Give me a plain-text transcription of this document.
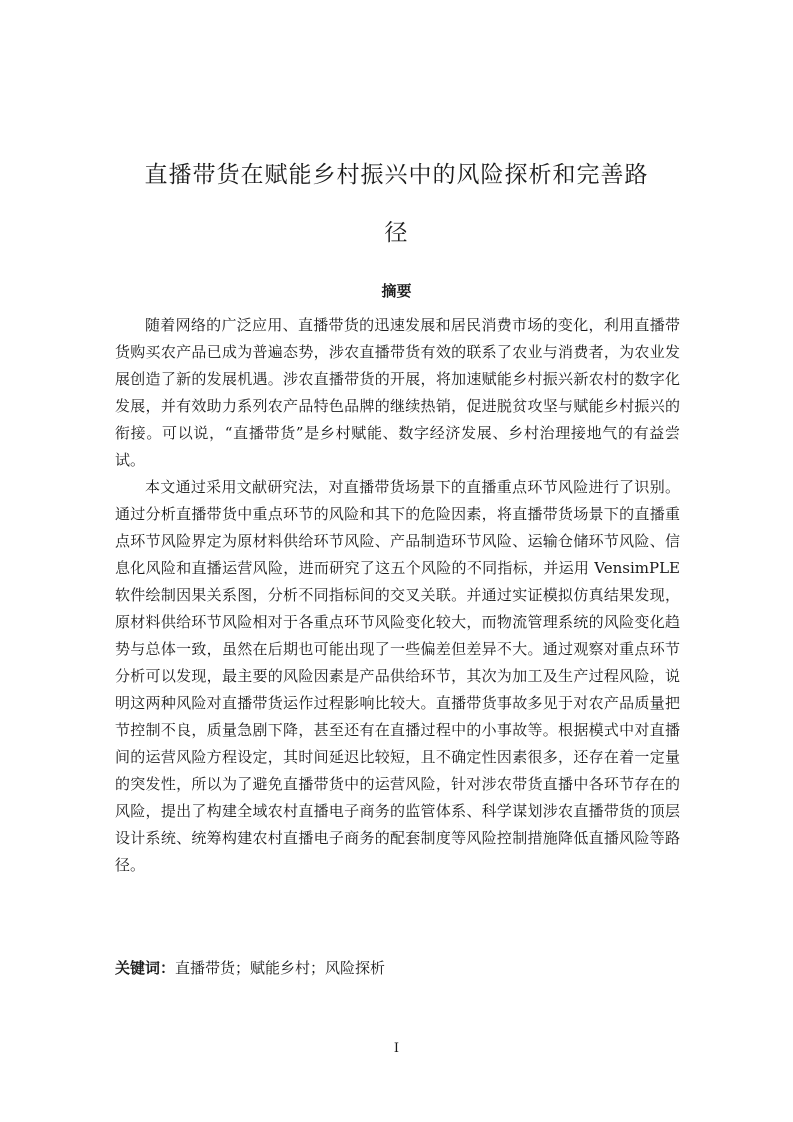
直播带货在赋能乡村振兴中的风险探析和完善路
径
摘要

随着网络的广泛应用、直播带货的迅速发展和居民消费市场的变化，利用直播带货购买农产品已成为普遍态势，涉农直播带货有效的联系了农业与消费者，为农业发展创造了新的发展机遇。涉农直播带货的开展，将加速赋能乡村振兴新农村的数字化发展，并有效助力系列农产品特色品牌的继续热销，促进脱贫攻坚与赋能乡村振兴的衔接。可以说，“直播带货”是乡村赋能、数字经济发展、乡村治理接地气的有益尝试。

本文通过采用文献研究法，对直播带货场景下的直播重点环节风险进行了识别。通过分析直播带货中重点环节的风险和其下的危险因素，将直播带货场景下的直播重点环节风险界定为原材料供给环节风险、产品制造环节风险、运输仓储环节风险、信息化风险和直播运营风险，进而研究了这五个风险的不同指标，并运用 VensimPLE 软件绘制因果关系图，分析不同指标间的交叉关联。并通过实证模拟仿真结果发现，原材料供给环节风险相对于各重点环节风险变化较大，而物流管理系统的风险变化趋势与总体一致，虽然在后期也可能出现了一些偏差但差异不大。通过观察对重点环节分析可以发现，最主要的风险因素是产品供给环节，其次为加工及生产过程风险，说明这两种风险对直播带货运作过程影响比较大。直播带货事故多见于对农产品质量把节控制不良，质量急剧下降，甚至还有在直播过程中的小事故等。根据模式中对直播间的运营风险方程设定，其时间延迟比较短，且不确定性因素很多，还存在着一定量的突发性，所以为了避免直播带货中的运营风险，针对涉农带货直播中各环节存在的风险，提出了构建全域农村直播电子商务的监管体系、科学谋划涉农直播带货的顶层设计系统、统筹构建农村直播电子商务的配套制度等风险控制措施降低直播风险等路径。

关键词：直播带货；赋能乡村；风险探析
I
